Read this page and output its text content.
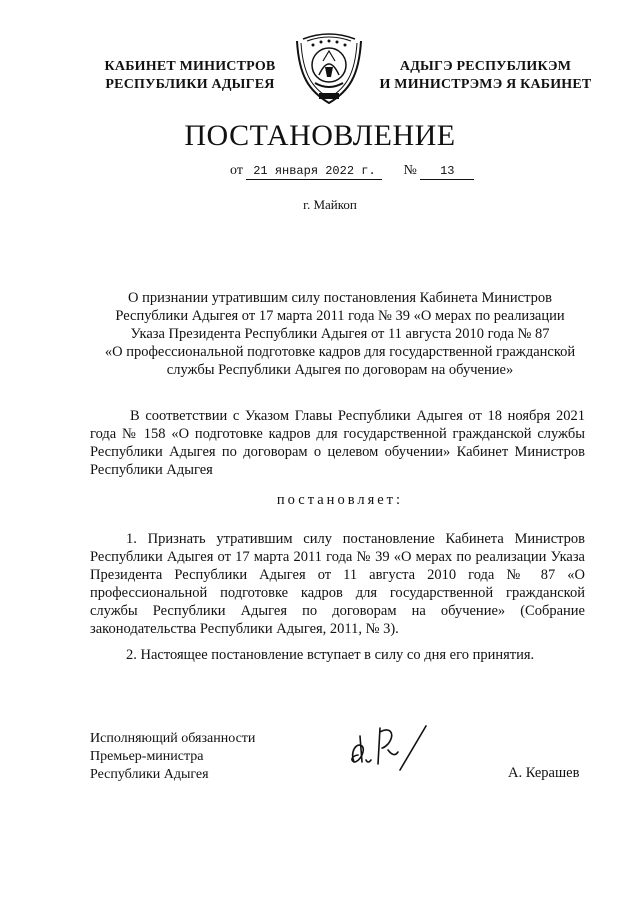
КАБИНЕТ МИНИСТРОВ
РЕСПУБЛИКИ АДЫГЕЯ
АДЫГЭ РЕСПУБЛИКЭМ
И МИНИСТРЭМЭ Я КАБИНЕТ
ПОСТАНОВЛЕНИЕ
от 21 января 2022 г. № 13
г. Майкоп
О признании утратившим силу постановления Кабинета Министров
Республики Адыгея от 17 марта 2011 года № 39 «О мерах по реализации
Указа Президента Республики Адыгея от 11 августа 2010 года № 87
«О профессиональной подготовке кадров для государственной гражданской
службы Республики Адыгея по договорам на обучение»
В соответствии с Указом Главы Республики Адыгея от 18 ноября 2021 года № 158 «О подготовке кадров для государственной гражданской службы Республики Адыгея по договорам о целевом обучении» Кабинет Министров Республики Адыгея
постановляет:
1. Признать утратившим силу постановление Кабинета Министров Республики Адыгея от 17 марта 2011 года № 39 «О мерах по реализации Указа Президента Республики Адыгея от 11 августа 2010 года № 87 «О профессиональной подготовке кадров для государственной гражданской службы Республики Адыгея по договорам на обучение» (Собрание законодательства Республики Адыгея, 2011, № 3).
2. Настоящее постановление вступает в силу со дня его принятия.
Исполняющий обязанности
Премьер-министра
Республики Адыгея	А. Керашев
